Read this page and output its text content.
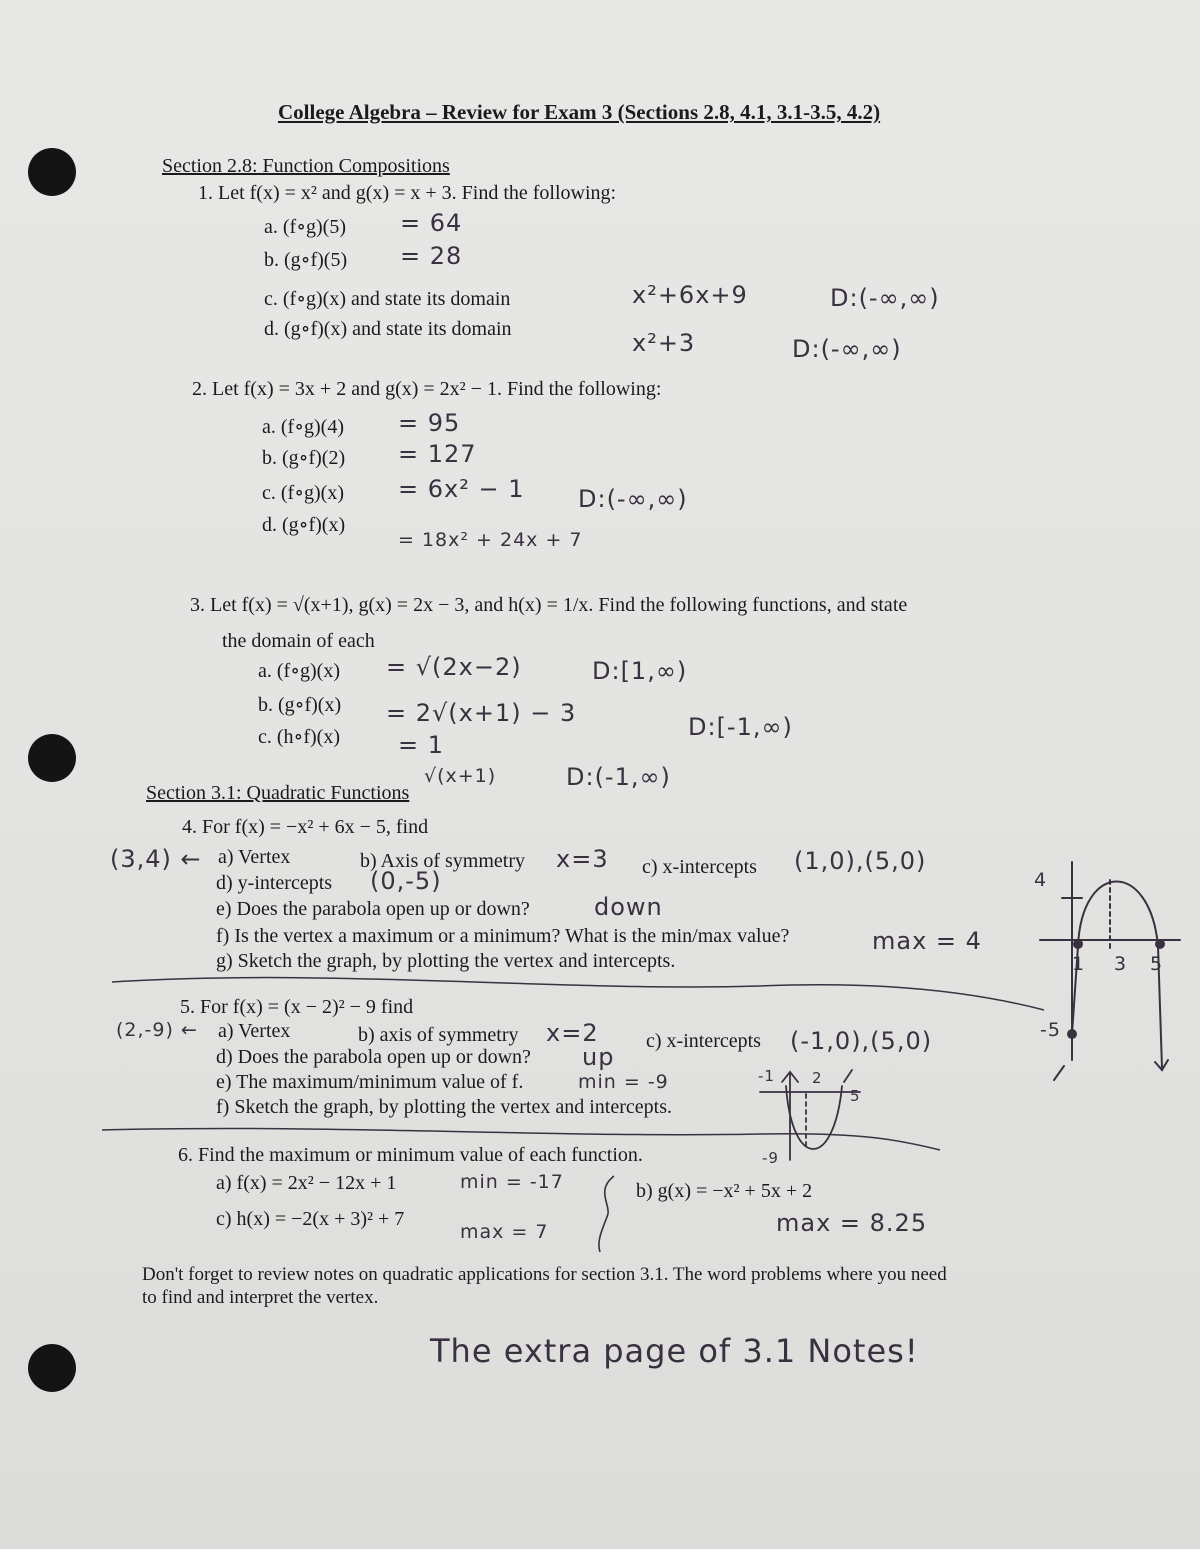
College Algebra – Review for Exam 3 (Sections 2.8, 4.1, 3.1-3.5, 4.2)
Section 2.8: Function Compositions
1. Let f(x) = x² and g(x) = x + 3. Find the following:
a. (f∘g)(5) = 64
b. (g∘f)(5) = 28
c. (f∘g)(x) and state its domain	x²+6x+9	D:(-∞,∞)
d. (g∘f)(x) and state its domain	x²+3	D:(-∞,∞)
2. Let f(x) = 3x + 2 and g(x) = 2x² − 1. Find the following:
a. (f∘g)(4) = 95
b. (g∘f)(2) = 127
c. (f∘g)(x) = 6x² − 1 D:(-∞,∞)
d. (g∘f)(x)
= 18x² + 24x + 7
3. Let f(x) = √(x+1), g(x) = 2x − 3, and h(x) = 1/x. Find the following functions, and state
the domain of each
a. (f∘g)(x) = √(2x−2)	D:[1,∞)
b. (g∘f)(x) = 2√(x+1) − 3	D:[-1,∞)
c. (h∘f)(x) = 1
√(x+1)	D:(-1,∞)
Section 3.1: Quadratic Functions
4. For f(x) = −x² + 6x − 5, find
(3,4) ← a) Vertex	b) Axis of symmetry x=3 c) x-intercepts (1,0),(5,0)
d) y-intercepts (0,-5)
e) Does the parabola open up or down?	down
f) Is the vertex a maximum or a minimum? What is the min/max value?	max = 4
g) Sketch the graph, by plotting the vertex and intercepts.
4
1 3 5
-5
5. For f(x) = (x − 2)² − 9 find
(2,-9) ← a) Vertex	b) axis of symmetry x=2 c) x-intercepts (-1,0),(5,0)
d) Does the parabola open up or down? up
e) The maximum/minimum value of f.	min = -9
f) Sketch the graph, by plotting the vertex and intercepts.
-1 2
5
-9
6. Find the maximum or minimum value of each function.
a) f(x) = 2x² − 12x + 1	min = -17	b) g(x) = −x² + 5x + 2
max = 8.25
c) h(x) = −2(x + 3)² + 7
max = 7
Don't forget to review notes on quadratic applications for section 3.1. The word problems where you need
to find and interpret the vertex.
The extra page of 3.1 Notes!
